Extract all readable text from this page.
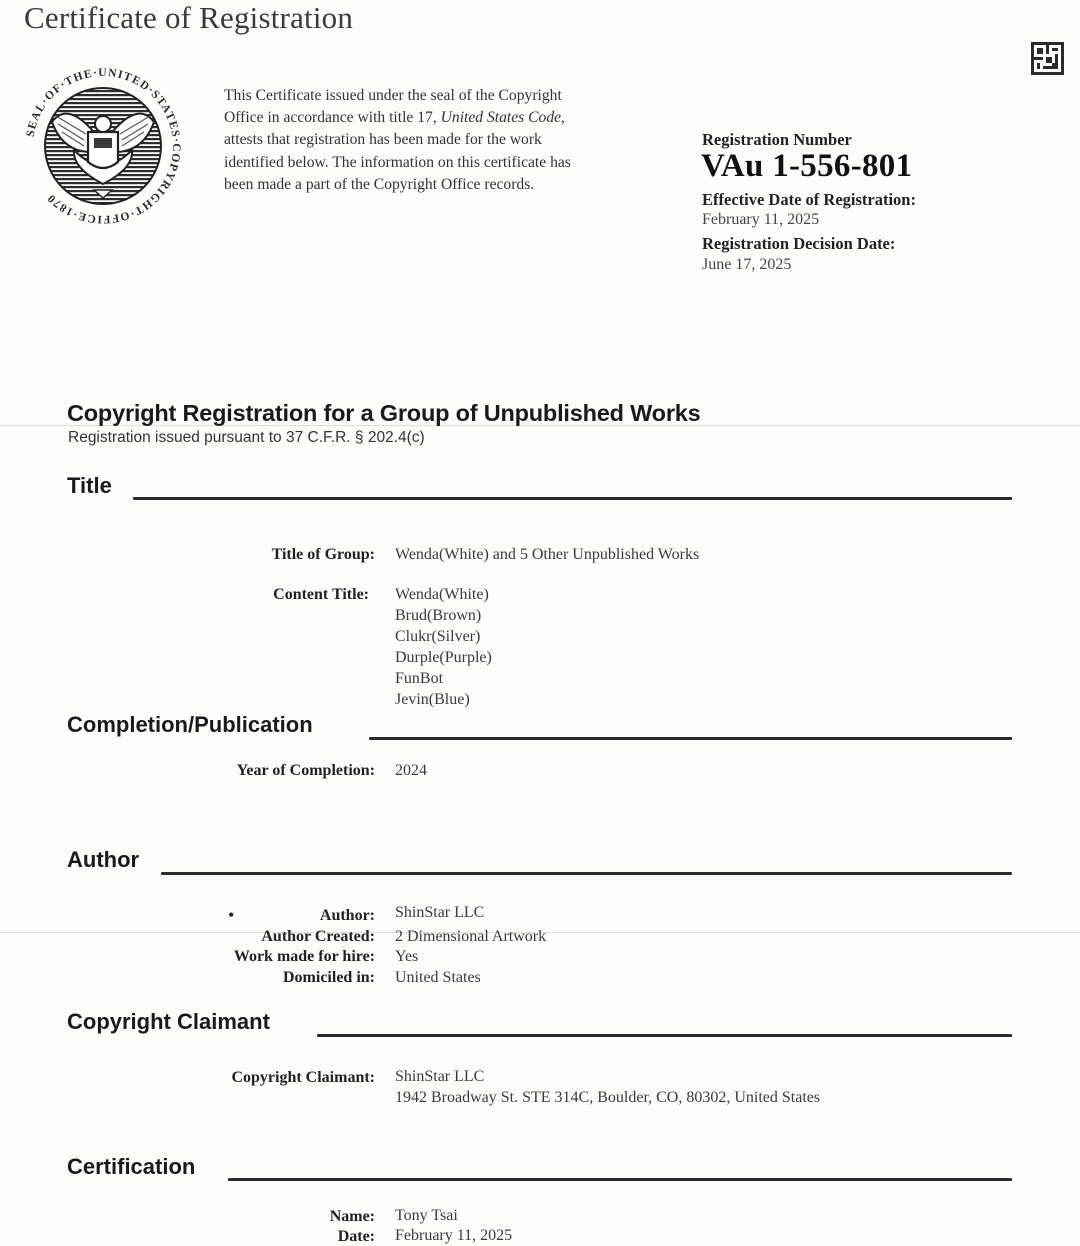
Certificate of Registration
SEAL·OF·THE·UNITED·STATES·COPYRIGHT·OFFICE·1870
This Certificate issued under the seal of the Copyright
Office in accordance with title 17, United States Code,
attests that registration has been made for the work
identified below. The information on this certificate has
been made a part of the Copyright Office records.
Registration Number
VAu 1-556-801
Effective Date of Registration:
February 11, 2025
Registration Decision Date:
June 17, 2025
Copyright Registration for a Group of Unpublished Works
Registration issued pursuant to 37 C.F.R. § 202.4(c)
Title
Title of Group: Wenda(White) and 5 Other Unpublished Works
Content Title: Wenda(White)
Brud(Brown)
Clukr(Silver)
Durple(Purple)
FunBot
Jevin(Blue)
Completion/Publication
Year of Completion: 2024
Author
•	Author: ShinStar LLC
Author Created: 2 Dimensional Artwork
Work made for hire: Yes
Domiciled in: United States
Copyright Claimant
Copyright Claimant: ShinStar LLC
1942 Broadway St. STE 314C, Boulder, CO, 80302, United States
Certification
Name: Tony Tsai
Date: February 11, 2025
